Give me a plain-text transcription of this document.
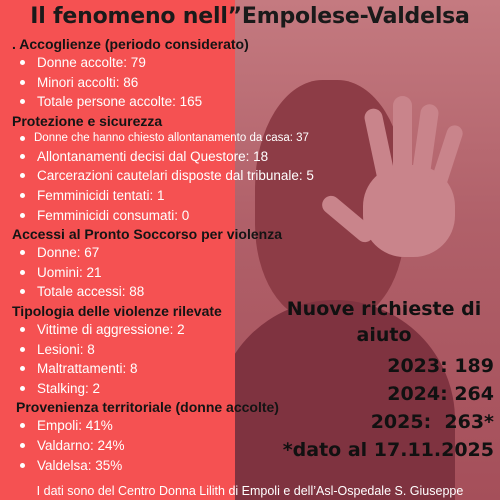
Il fenomeno nell”Empolese-Valdelsa

. Accoglienze (periodo considerato)

Donne accolte: 79
Minori accolti: 86
Totale persone accolte: 165

Protezione e sicurezza

Donne che hanno chiesto allontanamento da casa: 37
Allontanamenti decisi dal Questore: 18
Carcerazioni cautelari disposte dal tribunale: 5
Femminicidi tentati: 1
Femminicidi consumati: 0

Accessi al Pronto Soccorso per violenza

Donne: 67
Uomini: 21
Totale accessi: 88

Tipologia delle violenze rilevate

Vittime di aggressione: 2
Lesioni: 8
Maltrattamenti: 8
Stalking: 2

Provenienza territoriale (donne accolte)

Empoli: 41%
Valdarno: 24%
Valdelsa: 35%

Nuove richieste di aiuto

2023: 189
2024: 264
2025:  263*
*dato al 17.11.2025
I dati sono del Centro Donna Lilith di Empoli e dell’Asl-Ospedale S. Giuseppe
